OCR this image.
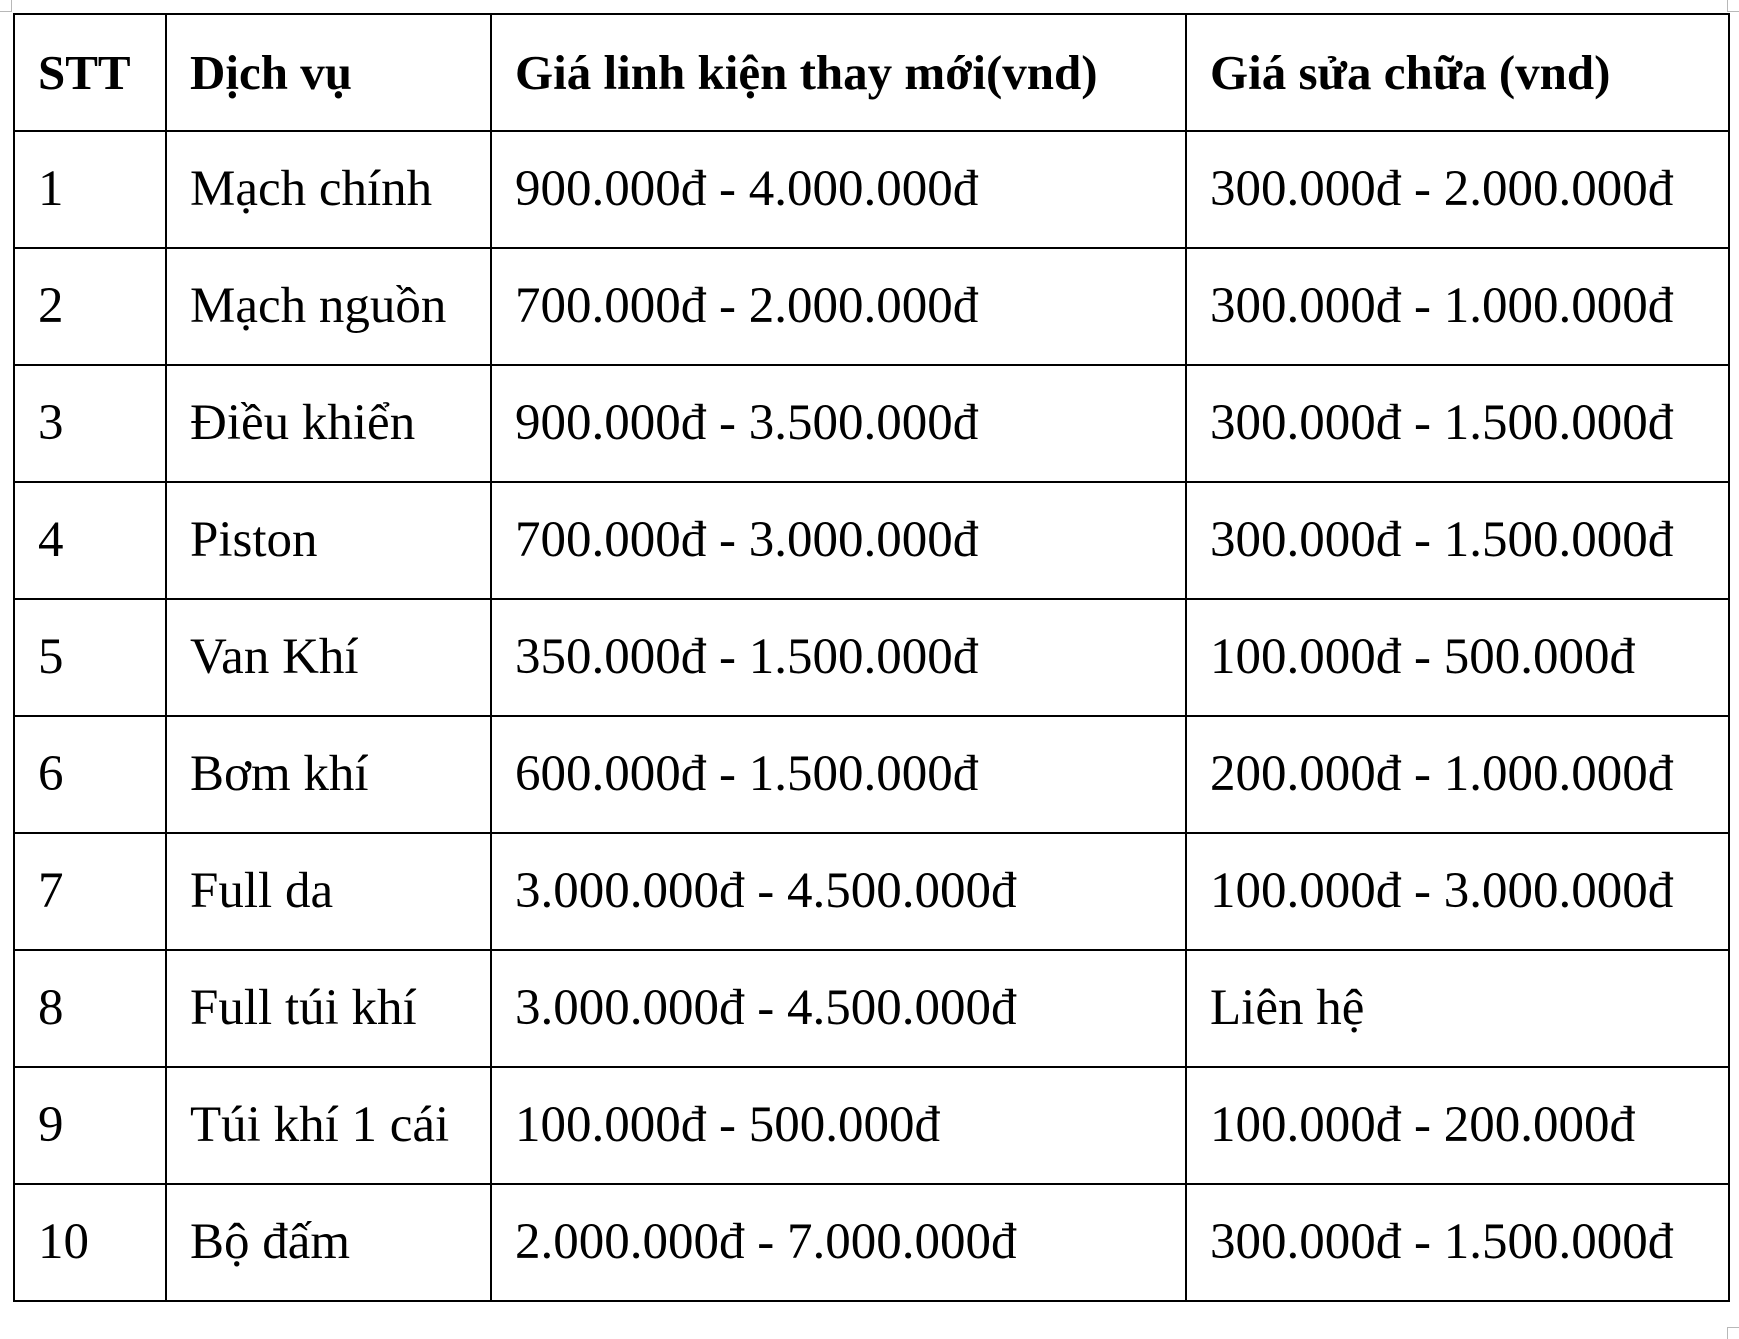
STT	Dịch vụ	Giá linh kiện thay mới(vnd)	Giá sửa chữa (vnd)
1	Mạch chính	900.000đ - 4.000.000đ	300.000đ - 2.000.000đ
2	Mạch nguồn	700.000đ - 2.000.000đ	300.000đ - 1.000.000đ
3	Điều khiển	900.000đ - 3.500.000đ	300.000đ - 1.500.000đ
4	Piston	700.000đ - 3.000.000đ	300.000đ - 1.500.000đ
5	Van Khí	350.000đ - 1.500.000đ	100.000đ - 500.000đ
6	Bơm khí	600.000đ - 1.500.000đ	200.000đ - 1.000.000đ
7	Full da	3.000.000đ - 4.500.000đ	100.000đ - 3.000.000đ
8	Full túi khí	3.000.000đ - 4.500.000đ	Liên hệ
9	Túi khí 1 cái	100.000đ - 500.000đ	100.000đ - 200.000đ
10	Bộ đấm	2.000.000đ - 7.000.000đ	300.000đ - 1.500.000đ
